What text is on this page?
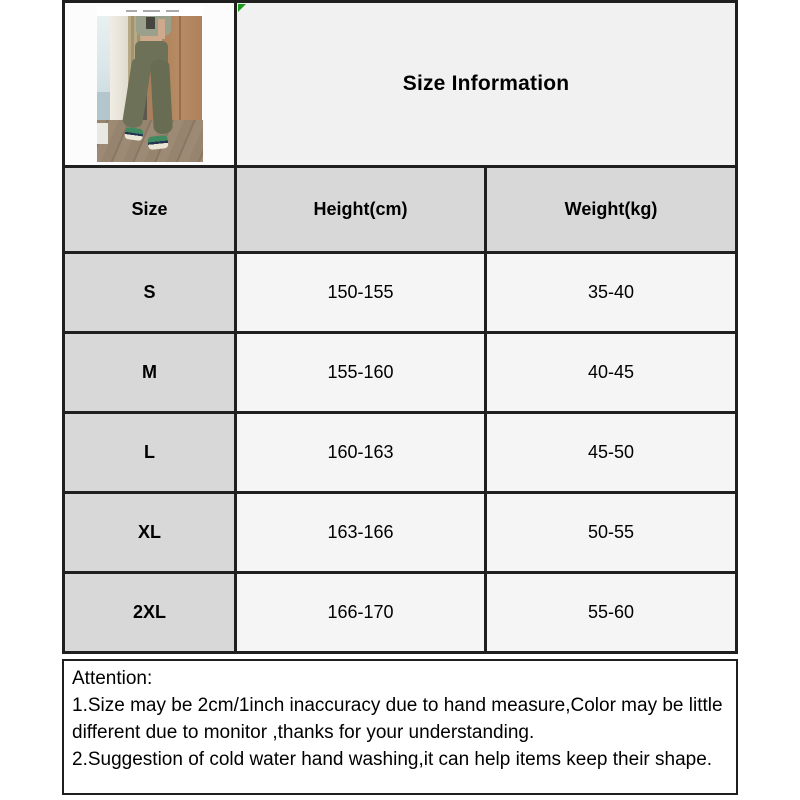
	Size Information	

Size	Height(cm)	Weight(kg)
S	150-155	35-40
M	155-160	40-45
L	160-163	45-50
XL	163-166	50-55
2XL	166-170	55-60
Attention:
1.Size may be 2cm/1inch inaccuracy due to hand measure,Color may be little
different due to monitor ,thanks for your understanding.
2.Suggestion of cold water hand washing,it can help items keep their shape.
